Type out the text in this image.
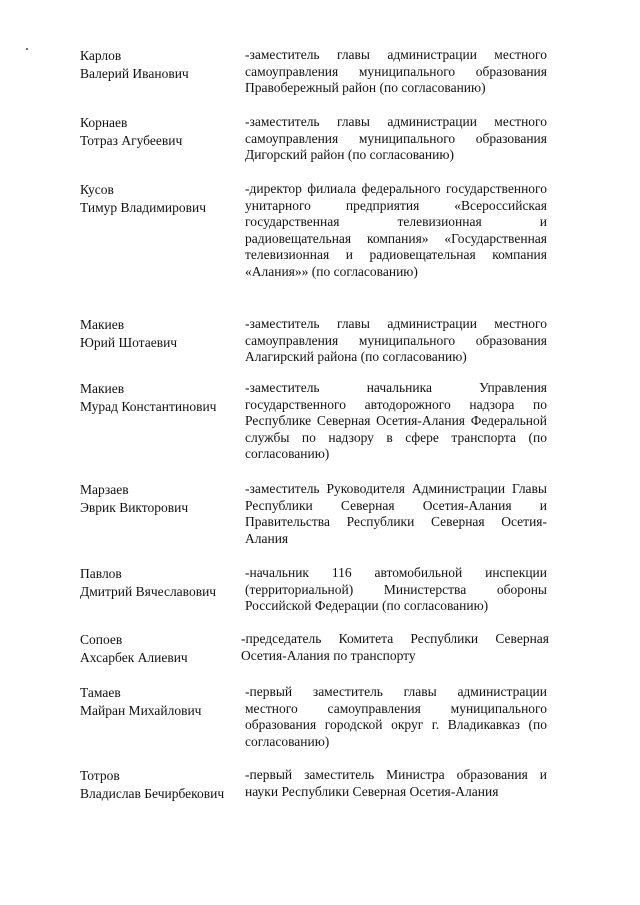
Карлов
Валерий Иванович
-заместитель главы администрации местного самоуправления муниципального образования Правобережный район (по согласованию)
Корнаев
Тотраз Агубеевич
-заместитель главы администрации местного самоуправления муниципального образования Дигорский район (по согласованию)
Кусов
Тимур Владимирович
-директор филиала федерального государственного унитарного предприятия «Всероссийская государственная телевизионная и радиовещательная компания» «Государственная телевизионная и радиовещательная компания «Алания»» (по согласованию)
Макиев
Юрий Шотаевич
-заместитель главы администрации местного самоуправления муниципального образования Алагирский района (по согласованию)
Макиев
Мурад Константинович
-заместитель начальника Управления государственного автодорожного надзора по Республике Северная Осетия-Алания Федеральной службы по надзору в сфере транспорта (по согласованию)
Марзаев
Эврик Викторович
-заместитель Руководителя Администрации Главы Республики Северная Осетия-Алания и Правительства Республики Северная Осетия-Алания
Павлов
Дмитрий Вячеславович
-начальник 116 автомобильной инспекции (территориальной) Министерства обороны Российской Федерации (по согласованию)
Сопоев
Ахсарбек Алиевич
-председатель Комитета Республики Северная Осетия-Алания по транспорту
Тамаев
Майран Михайлович
-первый заместитель главы администрации местного самоуправления муниципального образования городской округ г. Владикавказ (по согласованию)
Тотров
Владислав Бечирбекович
-первый заместитель Министра образования и науки Республики Северная Осетия-Алания
